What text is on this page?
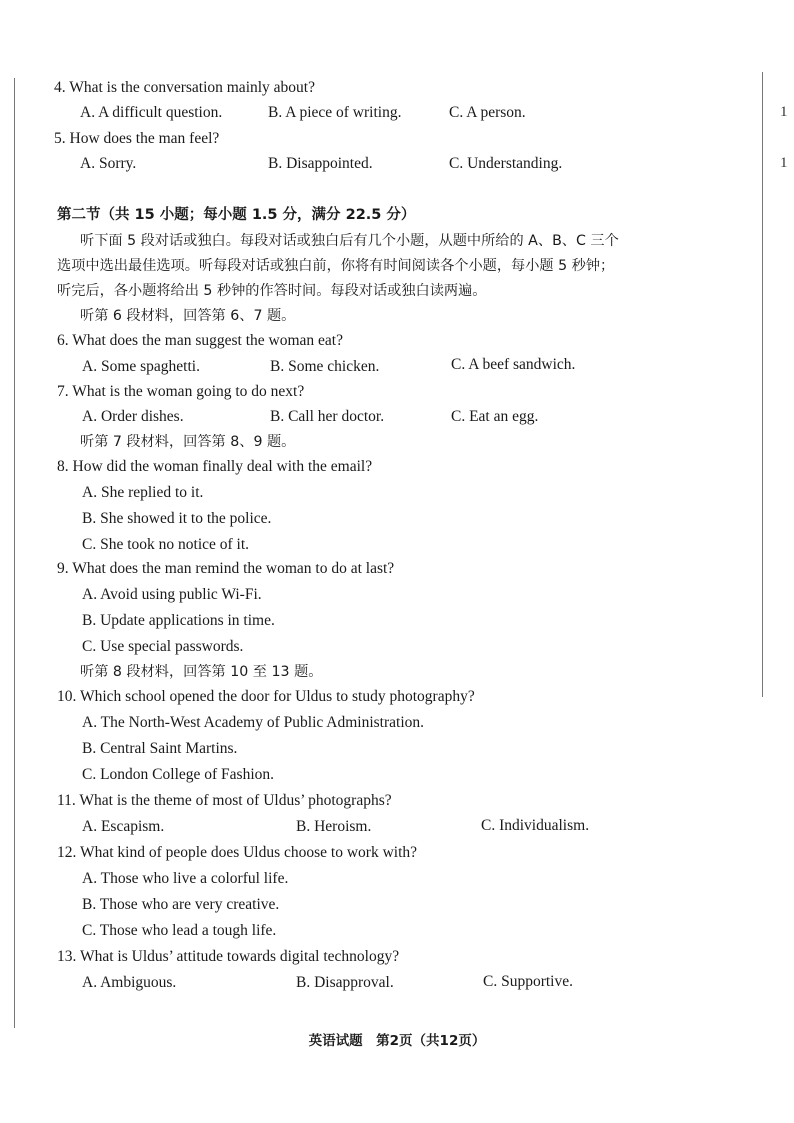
1
1
4. What is the conversation mainly about?
A. A difficult question.	B. A piece of writing.	C. A person.
5. How does the man feel?
A. Sorry.	B. Disappointed.	C. Understanding.
第二节（共 15 小题；每小题 1.5 分，满分 22.5 分）
听下面 5 段对话或独白。每段对话或独白后有几个小题，从题中所给的 A、B、C 三个
选项中选出最佳选项。听每段对话或独白前，你将有时间阅读各个小题，每小题 5 秒钟；
听完后，各小题将给出 5 秒钟的作答时间。每段对话或独白读两遍。
听第 6 段材料，回答第 6、7 题。
6. What does the man suggest the woman eat?
A. Some spaghetti.	B. Some chicken.	C. A beef sandwich.
7. What is the woman going to do next?
A. Order dishes.	B. Call her doctor.	C. Eat an egg.
听第 7 段材料，回答第 8、9 题。
8. How did the woman finally deal with the email?
A. She replied to it.
B. She showed it to the police.
C. She took no notice of it.
9. What does the man remind the woman to do at last?
A. Avoid using public Wi-Fi.
B. Update applications in time.
C. Use special passwords.
听第 8 段材料，回答第 10 至 13 题。
10. Which school opened the door for Uldus to study photography?
A. The North-West Academy of Public Administration.
B. Central Saint Martins.
C. London College of Fashion.
11. What is the theme of most of Uldus’ photographs?
A. Escapism.	B. Heroism.	C. Individualism.
12. What kind of people does Uldus choose to work with?
A. Those who live a colorful life.
B. Those who are very creative.
C. Those who lead a tough life.
13. What is Uldus’ attitude towards digital technology?
A. Ambiguous.	B. Disapproval.	C. Supportive.
英语试题　第2页（共12页）
